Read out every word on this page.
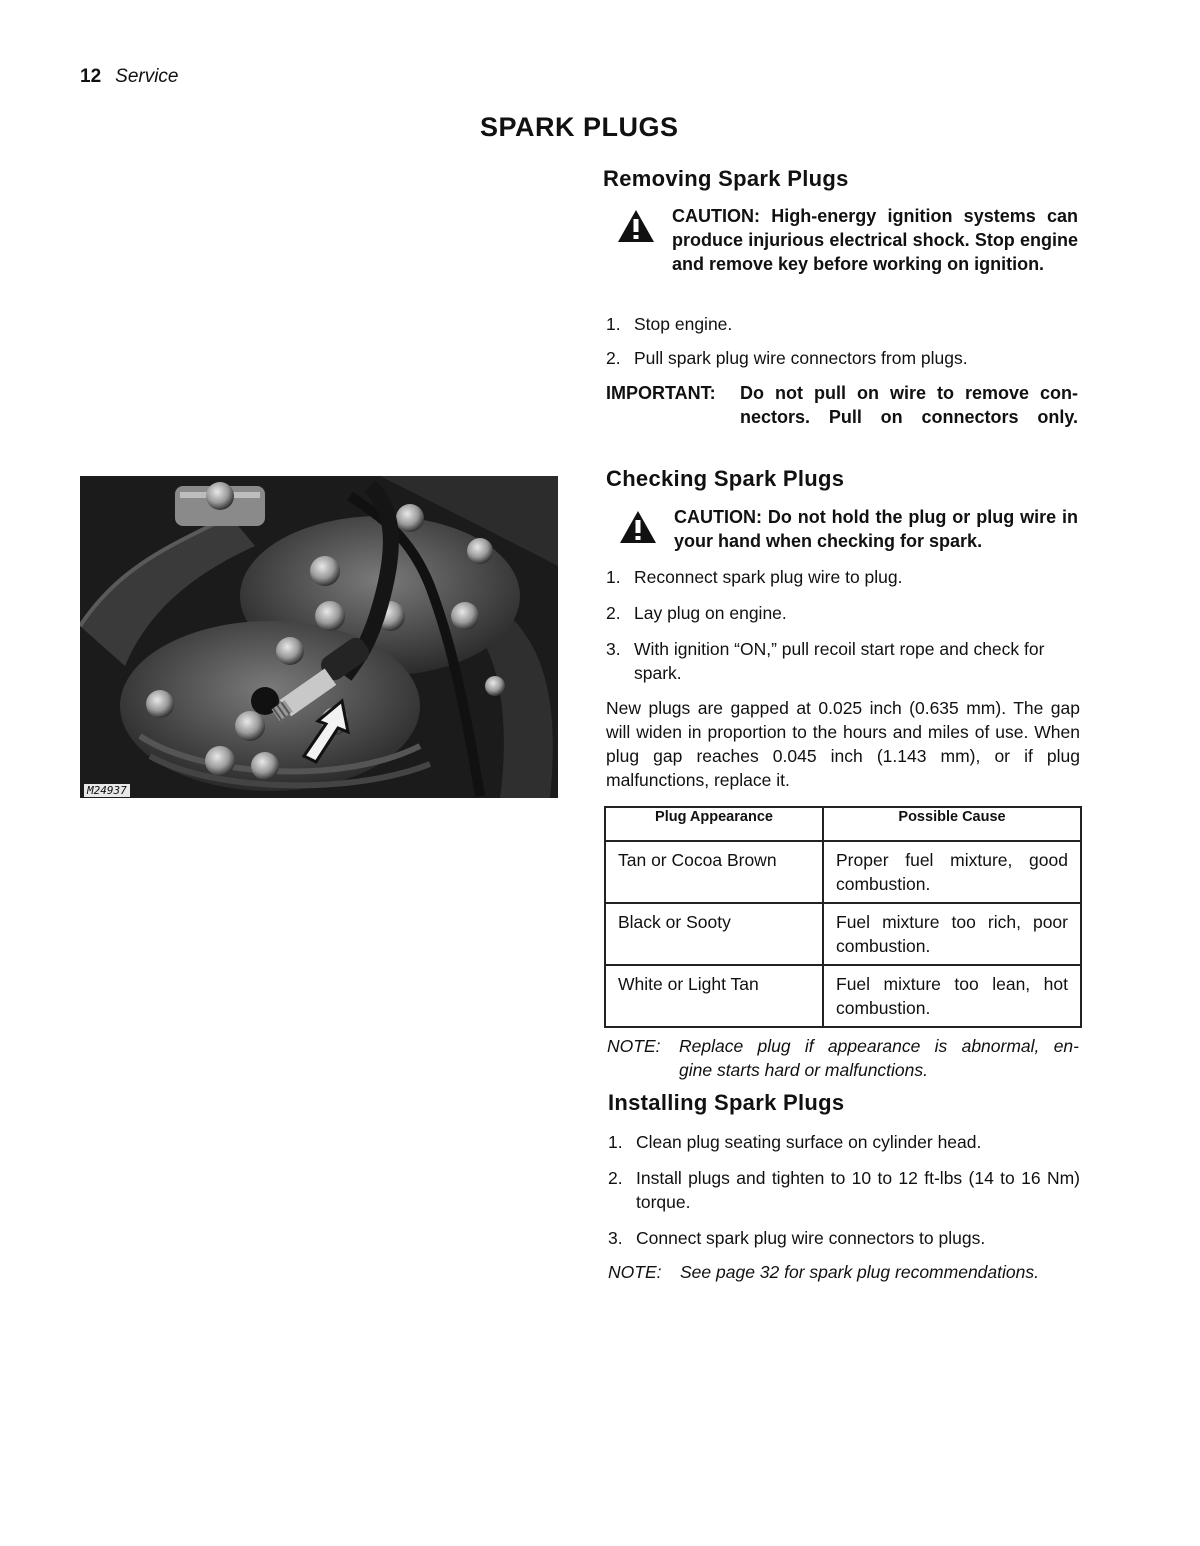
12 Service
SPARK PLUGS
Removing Spark Plugs
CAUTION: High-energy ignition systems can produce injurious electrical shock. Stop engine and remove key before working on ignition.
1. Stop engine.
2. Pull spark plug wire connectors from plugs.
IMPORTANT:	Do not pull on wire to remove con-
nectors. Pull on connectors only.
Checking Spark Plugs
CAUTION: Do not hold the plug or plug wire in your hand when checking for spark.
1. Reconnect spark plug wire to plug.
2. Lay plug on engine.
3. With ignition “ON,” pull recoil start rope and check for spark.
New plugs are gapped at 0.025 inch (0.635 mm). The gap will widen in proportion to the hours and miles of use. When plug gap reaches 0.045 inch (1.143 mm), or if plug malfunctions, replace it.
Plug Appearance	Possible Cause
Tan or Cocoa Brown	Proper fuel mixture, good combustion.
Black or Sooty	Fuel mixture too rich, poor combustion.
White or Light Tan	Fuel mixture too lean, hot combustion.
NOTE:	Replace plug if appearance is abnormal, en-
gine starts hard or malfunctions.
Installing Spark Plugs
1. Clean plug seating surface on cylinder head.
2. Install plugs and tighten to 10 to 12 ft-lbs (14 to 16 Nm) torque.
3. Connect spark plug wire connectors to plugs.
NOTE:	See page 32 for spark plug recommendations.
M24937
